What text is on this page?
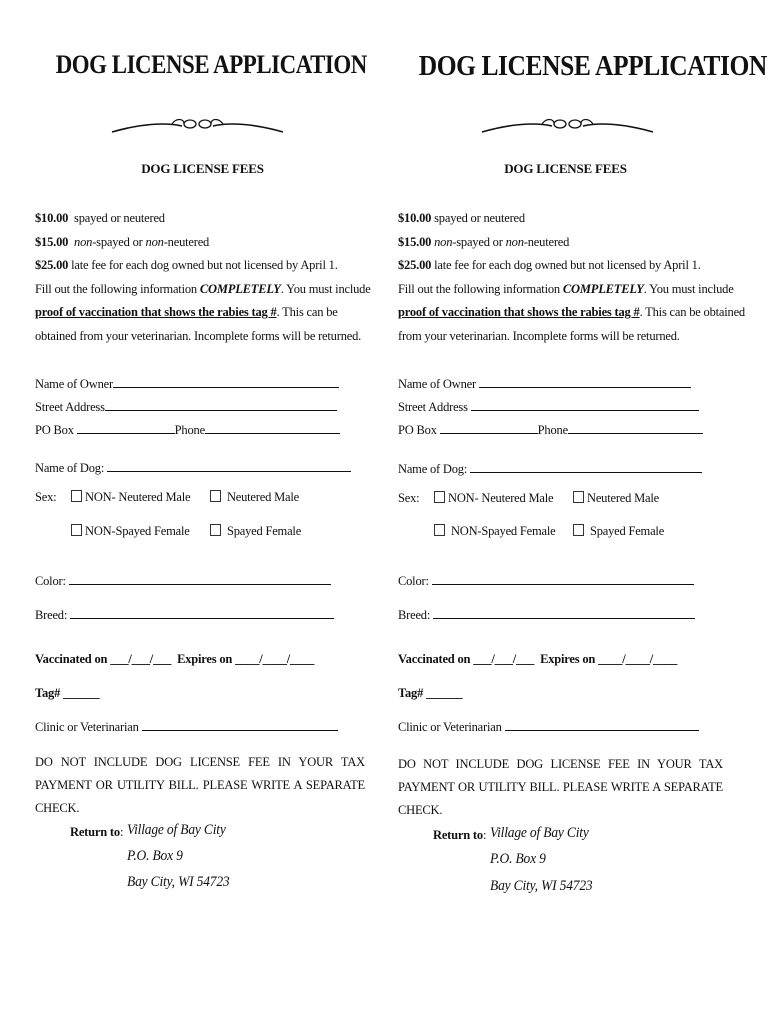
DOG LICENSE APPLICATION
DOG LICENSE FEES
$10.00 spayed or neutered
$15.00 non-spayed or non-neutered
$25.00 late fee for each dog owned but not licensed by April 1.
Fill out the following information COMPLETELY. You must include
proof of vaccination that shows the rabies tag #. This can be
obtained from your veterinarian. Incomplete forms will be returned.
Name of Owner
Street Address
PO Box	Phone
Name of Dog:
Sex:	NON- Neutered Male	Neutered Male
NON-Spayed Female	Spayed Female
Color:
Breed:
Vaccinated on ___/___/___ Expires on ____/____/____
Tag# ______
Clinic or Veterinarian
DO NOT INCLUDE DOG LICENSE FEE IN YOUR TAX PAYMENT OR UTILITY BILL. PLEASE WRITE A SEPARATE CHECK.
Return to: Village of Bay City
P.O. Box 9
Bay City, WI 54723
DOG LICENSE APPLICATION
DOG LICENSE FEES
$10.00 spayed or neutered
$15.00 non-spayed or non-neutered
$25.00 late fee for each dog owned but not licensed by April 1.
Fill out the following information COMPLETELY. You must include
proof of vaccination that shows the rabies tag #. This can be obtained
from your veterinarian. Incomplete forms will be returned.
Name of Owner
Street Address
PO Box	Phone
Name of Dog:
Sex:	NON- Neutered Male	Neutered Male
NON-Spayed Female	Spayed Female
Color:
Breed:
Vaccinated on ___/___/___ Expires on ____/____/____
Tag# ______
Clinic or Veterinarian
DO NOT INCLUDE DOG LICENSE FEE IN YOUR TAX PAYMENT OR UTILITY BILL. PLEASE WRITE A SEPARATE CHECK.
Return to: Village of Bay City
P.O. Box 9
Bay City, WI 54723
